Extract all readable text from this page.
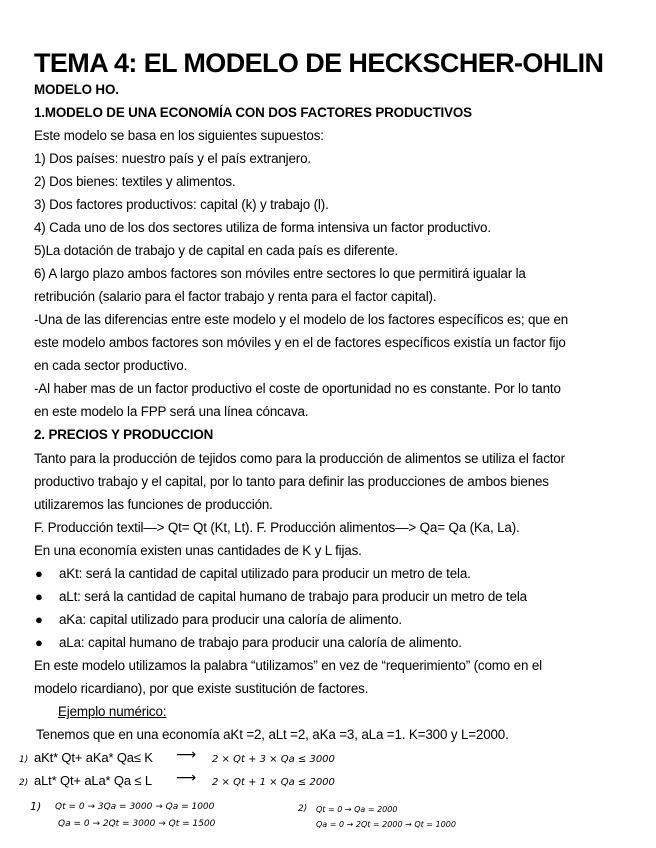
TEMA 4: EL MODELO DE HECKSCHER-OHLIN
MODELO HO.
1.MODELO DE UNA ECONOMÍA CON DOS FACTORES PRODUCTIVOS
Este modelo se basa en los siguientes supuestos:
1) Dos países: nuestro país y el país extranjero.
2) Dos bienes: textiles y alimentos.
3) Dos factores productivos: capital (k) y trabajo (l).
4) Cada uno de los dos sectores utiliza de forma intensiva un factor productivo.
5)La dotación de trabajo y de capital en cada país es diferente.
6) A largo plazo ambos factores son móviles entre sectores lo que permitirá igualar la
retribución (salario para el factor trabajo y renta para el factor capital).
-Una de las diferencias entre este modelo y el modelo de los factores específicos es; que en
este modelo ambos factores son móviles y en el de factores específicos existía un factor fijo
en cada sector productivo.
-Al haber mas de un factor productivo el coste de oportunidad no es constante. Por lo tanto
en este modelo la FPP será una línea cóncava.
2. PRECIOS Y PRODUCCION
Tanto para la producción de tejidos como para la producción de alimentos se utiliza el factor
productivo trabajo y el capital, por lo tanto para definir las producciones de ambos bienes
utilizaremos las funciones de producción.
F. Producción textil—> Qt= Qt (Kt, Lt). F. Producción alimentos—> Qa= Qa (Ka, La).
En una economía existen unas cantidades de K y L fijas.
● aKt: será la cantidad de capital utilizado para producir un metro de tela.
● aLt: será la cantidad de capital humano de trabajo para producir un metro de tela
● aKa: capital utilizado para producir una caloría de alimento.
● aLa: capital humano de trabajo para producir una caloría de alimento.
En este modelo utilizamos la palabra “utilizamos” en vez de “requerimiento” (como en el
modelo ricardiano), por que existe sustitución de factores.
Ejemplo numérico:
Tenemos que en una economía aKt =2, aLt =2, aKa =3, aLa =1. K=300 y L=2000.
1) aKt* Qt+ aKa* Qa≤ K ⟶ 2 × Qt + 3 × Qa ≤ 3000
2) aLt* Qt+ aLa* Qa ≤ L ⟶ 2 × Qt + 1 × Qa ≤ 2000
1) Qt = 0 → 3Qa = 3000 → Qa = 1000
Qa = 0 → 2Qt = 3000 → Qt = 1500
2) Qt = 0 → Qa = 2000
Qa = 0 → 2Qt = 2000 → Qt = 1000
